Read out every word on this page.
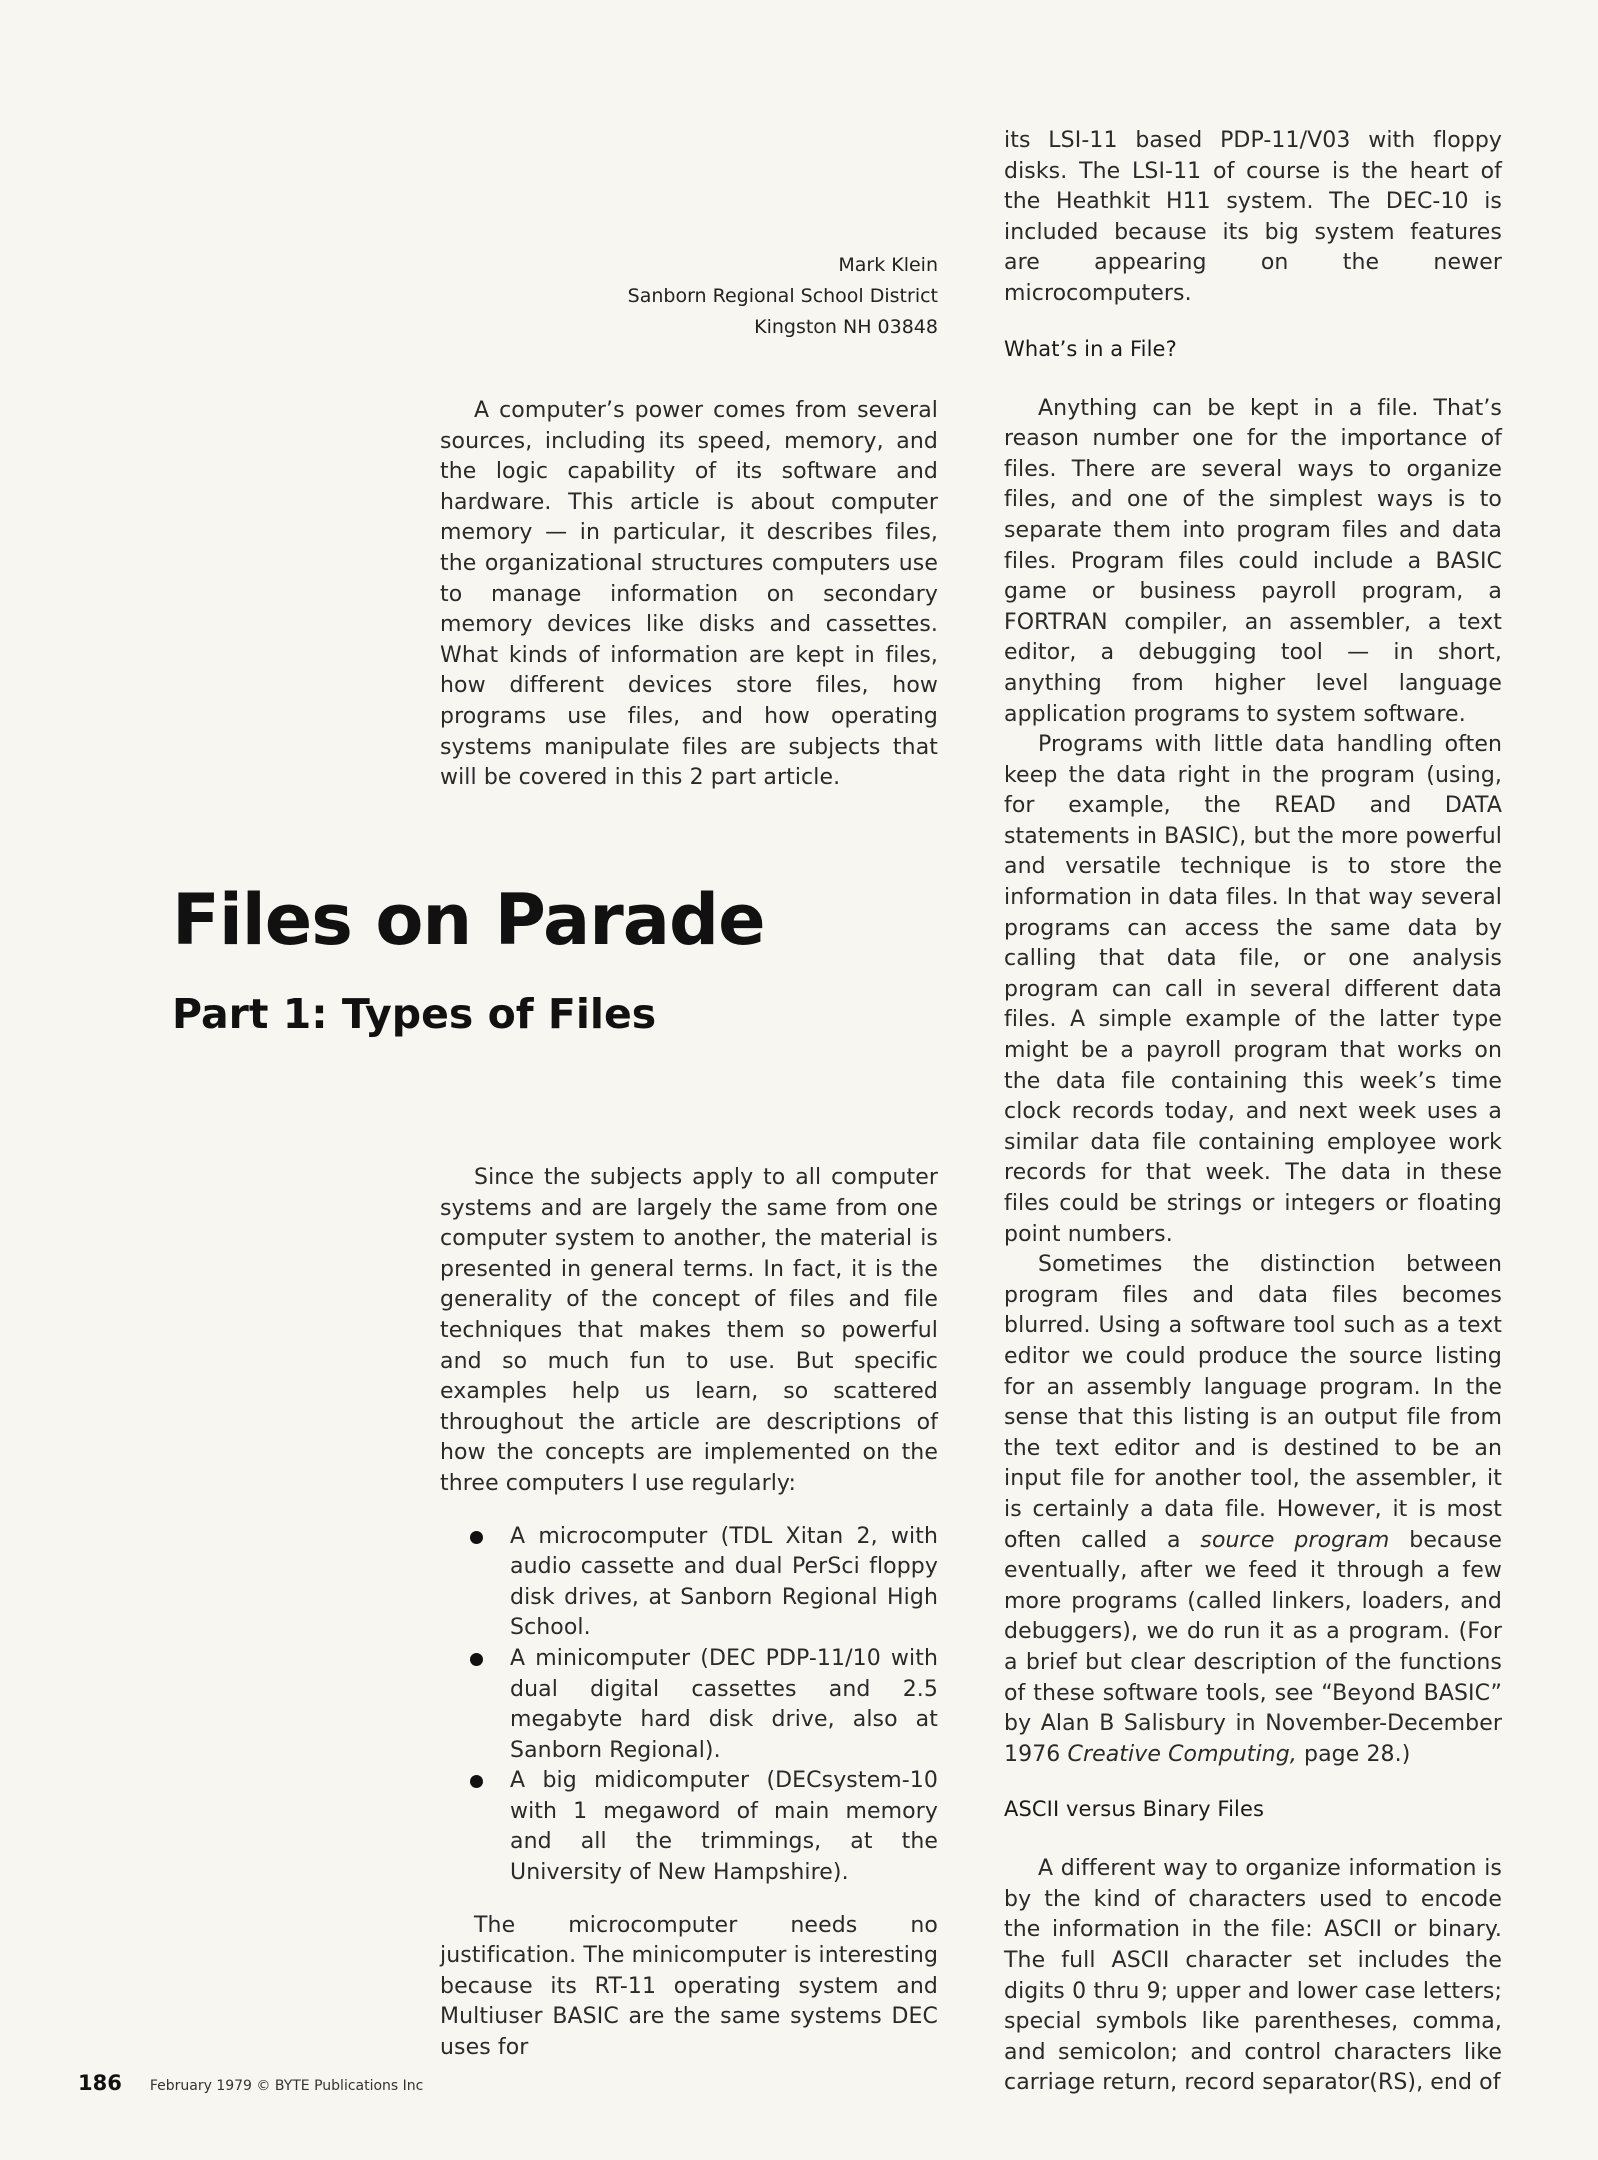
Mark Klein
Sanborn Regional School District
Kingston NH 03848

A computer’s power comes from several sources, including its speed, memory, and the logic capability of its software and hardware. This article is about computer memory — in particular, it describes files, the organizational structures computers use to manage information on secondary memory devices like disks and cassettes. What kinds of information are kept in files, how different devices store files, how programs use files, and how operating systems manipulate files are subjects that will be covered in this 2 part article.

Files on Parade
Part 1: Types of Files

Since the subjects apply to all computer systems and are largely the same from one computer system to another, the material is presented in general terms. In fact, it is the generality of the concept of files and file techniques that makes them so powerful and so much fun to use. But specific examples help us learn, so scattered throughout the article are descriptions of how the concepts are implemented on the three computers I use regularly:

A microcomputer (TDL Xitan 2, with audio cassette and dual PerSci floppy disk drives, at Sanborn Regional High School.
A minicomputer (DEC PDP-11/10 with dual digital cassettes and 2.5 megabyte hard disk drive, also at Sanborn Regional).
A big midicomputer (DECsystem-10 with 1 megaword of main memory and all the trimmings, at the University of New Hampshire).

The microcomputer needs no justification. The minicomputer is interesting because its RT-11 operating system and Multiuser BASIC are the same systems DEC uses for

its LSI-11 based PDP-11/V03 with floppy disks. The LSI-11 of course is the heart of the Heathkit H11 system. The DEC-10 is included because its big system features are appearing on the newer microcomputers.

What’s in a File?

Anything can be kept in a file. That’s reason number one for the importance of files. There are several ways to organize files, and one of the simplest ways is to separate them into program files and data files. Program files could include a BASIC game or business payroll program, a FORTRAN compiler, an assembler, a text editor, a debugging tool — in short, anything from higher level language application programs to system software.

Programs with little data handling often keep the data right in the program (using, for example, the READ and DATA statements in BASIC), but the more powerful and versatile technique is to store the information in data files. In that way several programs can access the same data by calling that data file, or one analysis program can call in several different data files. A simple example of the latter type might be a payroll program that works on the data file containing this week’s time clock records today, and next week uses a similar data file containing employee work records for that week. The data in these files could be strings or integers or floating point numbers.

Sometimes the distinction between program files and data files becomes blurred. Using a software tool such as a text editor we could produce the source listing for an assembly language program. In the sense that this listing is an output file from the text editor and is destined to be an input file for another tool, the assembler, it is certainly a data file. However, it is most often called a source program because eventually, after we feed it through a few more programs (called linkers, loaders, and debuggers), we do run it as a program. (For a brief but clear description of the functions of these software tools, see “Beyond BASIC” by Alan B Salisbury in November-December 1976 Creative Computing, page 28.)

ASCII versus Binary Files

A different way to organize information is by the kind of characters used to encode the information in the file: ASCII or binary. The full ASCII character set includes the digits 0 thru 9; upper and lower case letters; special symbols like parentheses, comma, and semicolon; and control characters like carriage return, record separator(RS), end of

186 February 1979 © BYTE Publications Inc
